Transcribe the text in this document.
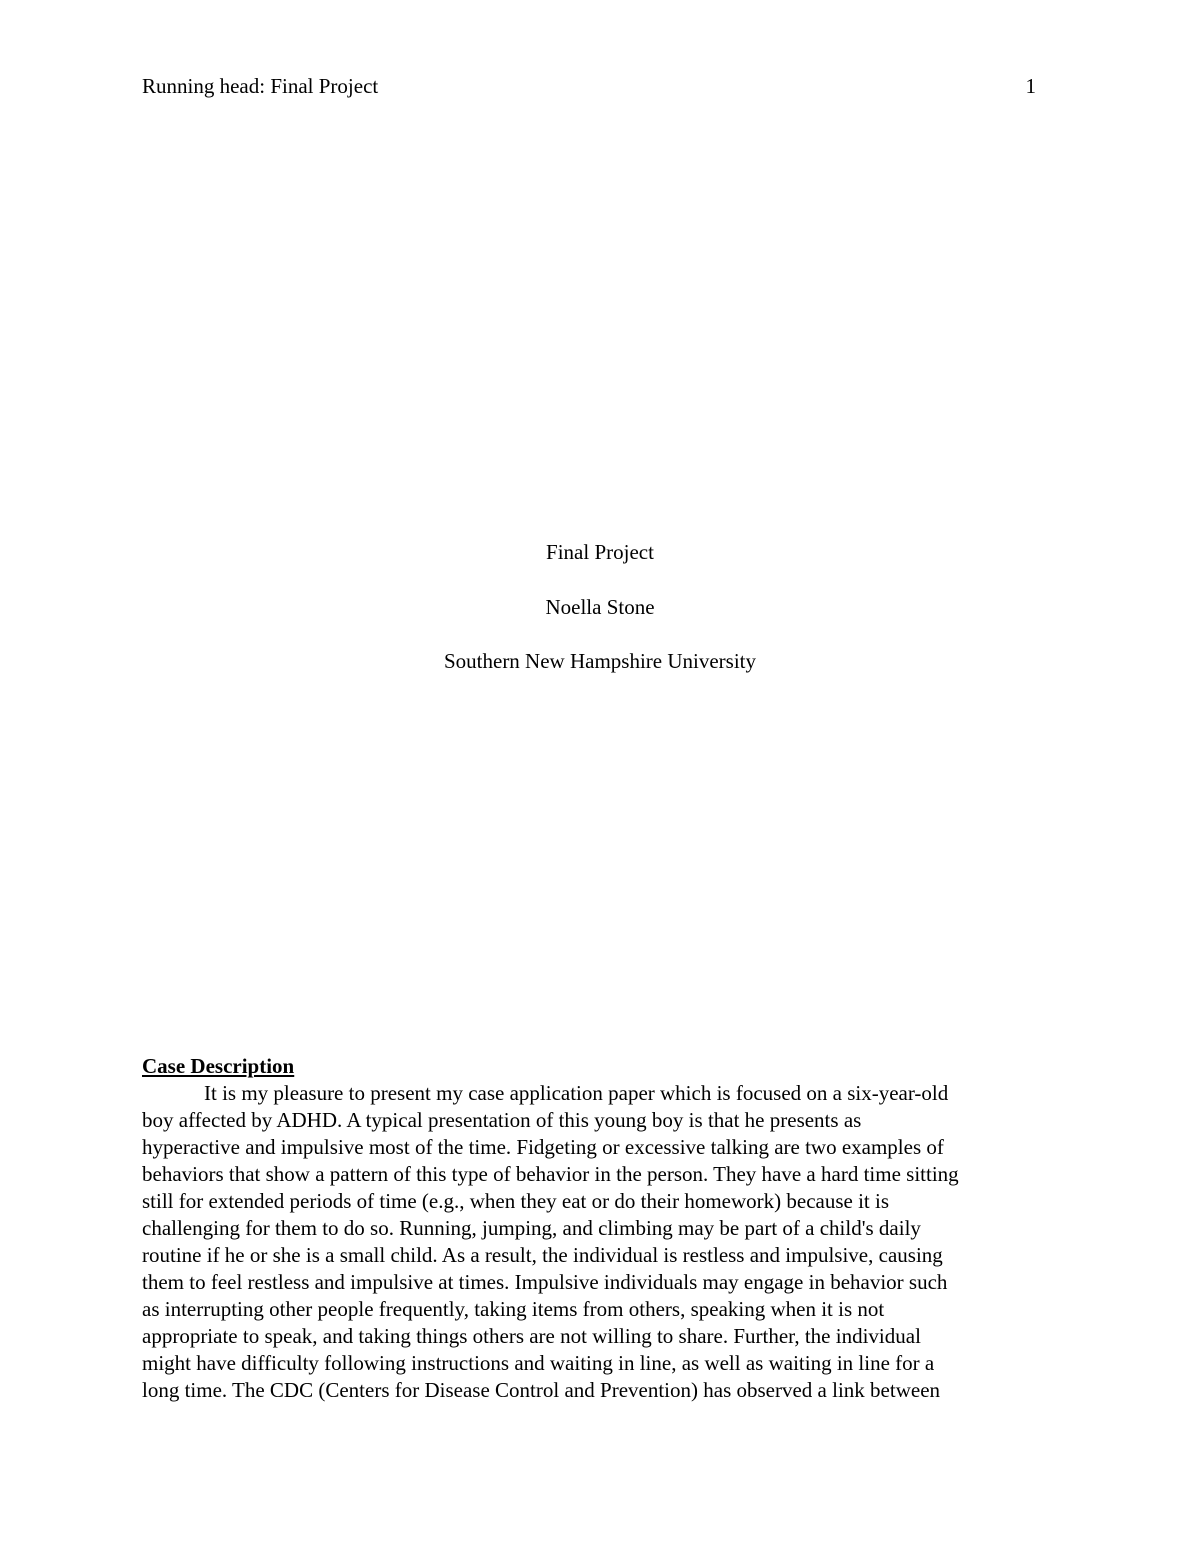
Running head: Final Project	1
Final Project
Noella Stone
Southern New Hampshire University
Case Description
It is my pleasure to present my case application paper which is focused on a six-year-old
boy affected by ADHD. A typical presentation of this young boy is that he presents as
hyperactive and impulsive most of the time. Fidgeting or excessive talking are two examples of
behaviors that show a pattern of this type of behavior in the person. They have a hard time sitting
still for extended periods of time (e.g., when they eat or do their homework) because it is
challenging for them to do so. Running, jumping, and climbing may be part of a child's daily
routine if he or she is a small child. As a result, the individual is restless and impulsive, causing
them to feel restless and impulsive at times. Impulsive individuals may engage in behavior such
as interrupting other people frequently, taking items from others, speaking when it is not
appropriate to speak, and taking things others are not willing to share. Further, the individual
might have difficulty following instructions and waiting in line, as well as waiting in line for a
long time. The CDC (Centers for Disease Control and Prevention) has observed a link between
